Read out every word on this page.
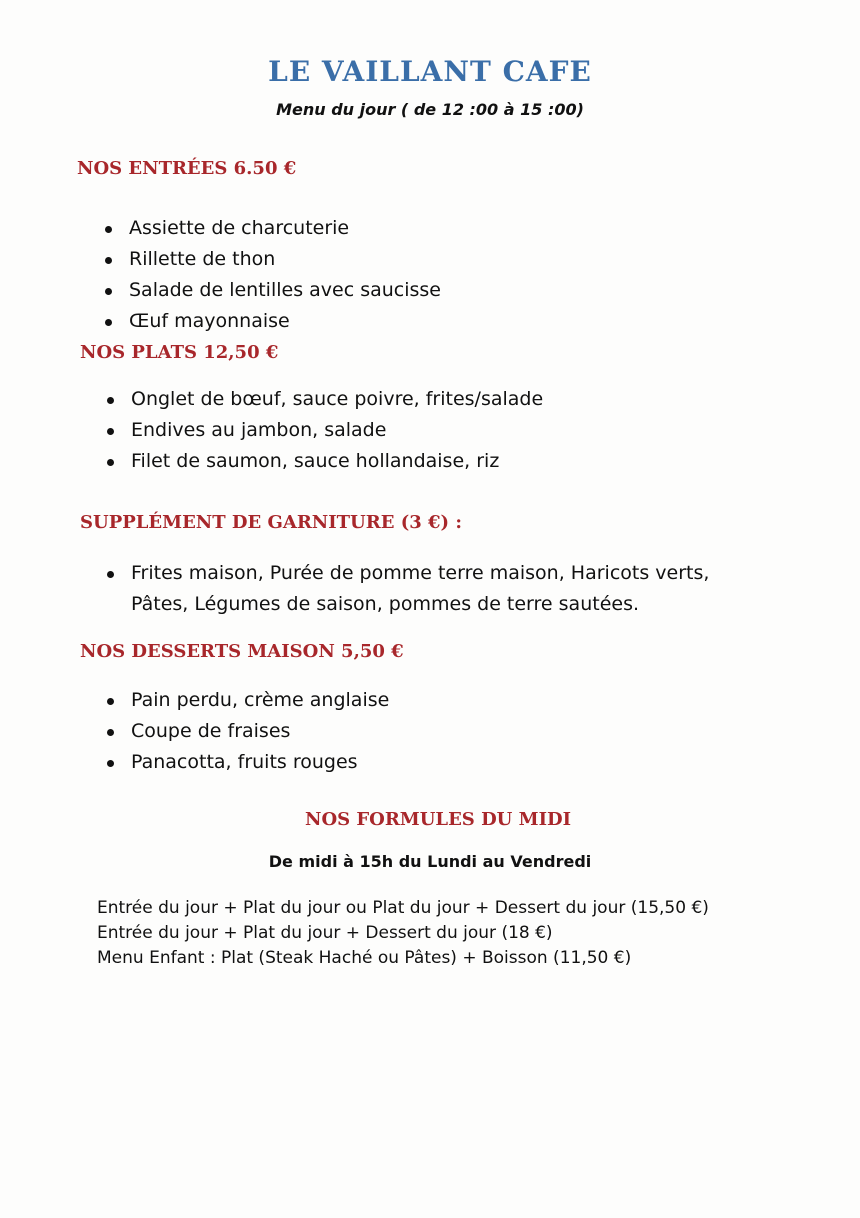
LE VAILLANT CAFE
Menu du jour ( de 12 :00 à 15 :00)
NOS ENTRÉES 6.50 €
Assiette de charcuterie
Rillette de thon
Salade de lentilles avec saucisse
Œuf mayonnaise
NOS PLATS 12,50 €
Onglet de bœuf, sauce poivre, frites/salade
Endives au jambon, salade
Filet de saumon, sauce hollandaise, riz
SUPPLÉMENT DE GARNITURE (3 €) :
Frites maison, Purée de pomme terre maison, Haricots verts, Pâtes, Légumes de saison, pommes de terre sautées.
NOS DESSERTS MAISON 5,50 €
Pain perdu, crème anglaise
Coupe de fraises
Panacotta, fruits rouges
NOS FORMULES DU MIDI
De midi à 15h du Lundi au Vendredi
Entrée du jour + Plat du jour ou Plat du jour + Dessert du jour (15,50 €)
Entrée du jour + Plat du jour + Dessert du jour (18 €)
Menu Enfant : Plat (Steak Haché ou Pâtes) + Boisson (11,50 €)
